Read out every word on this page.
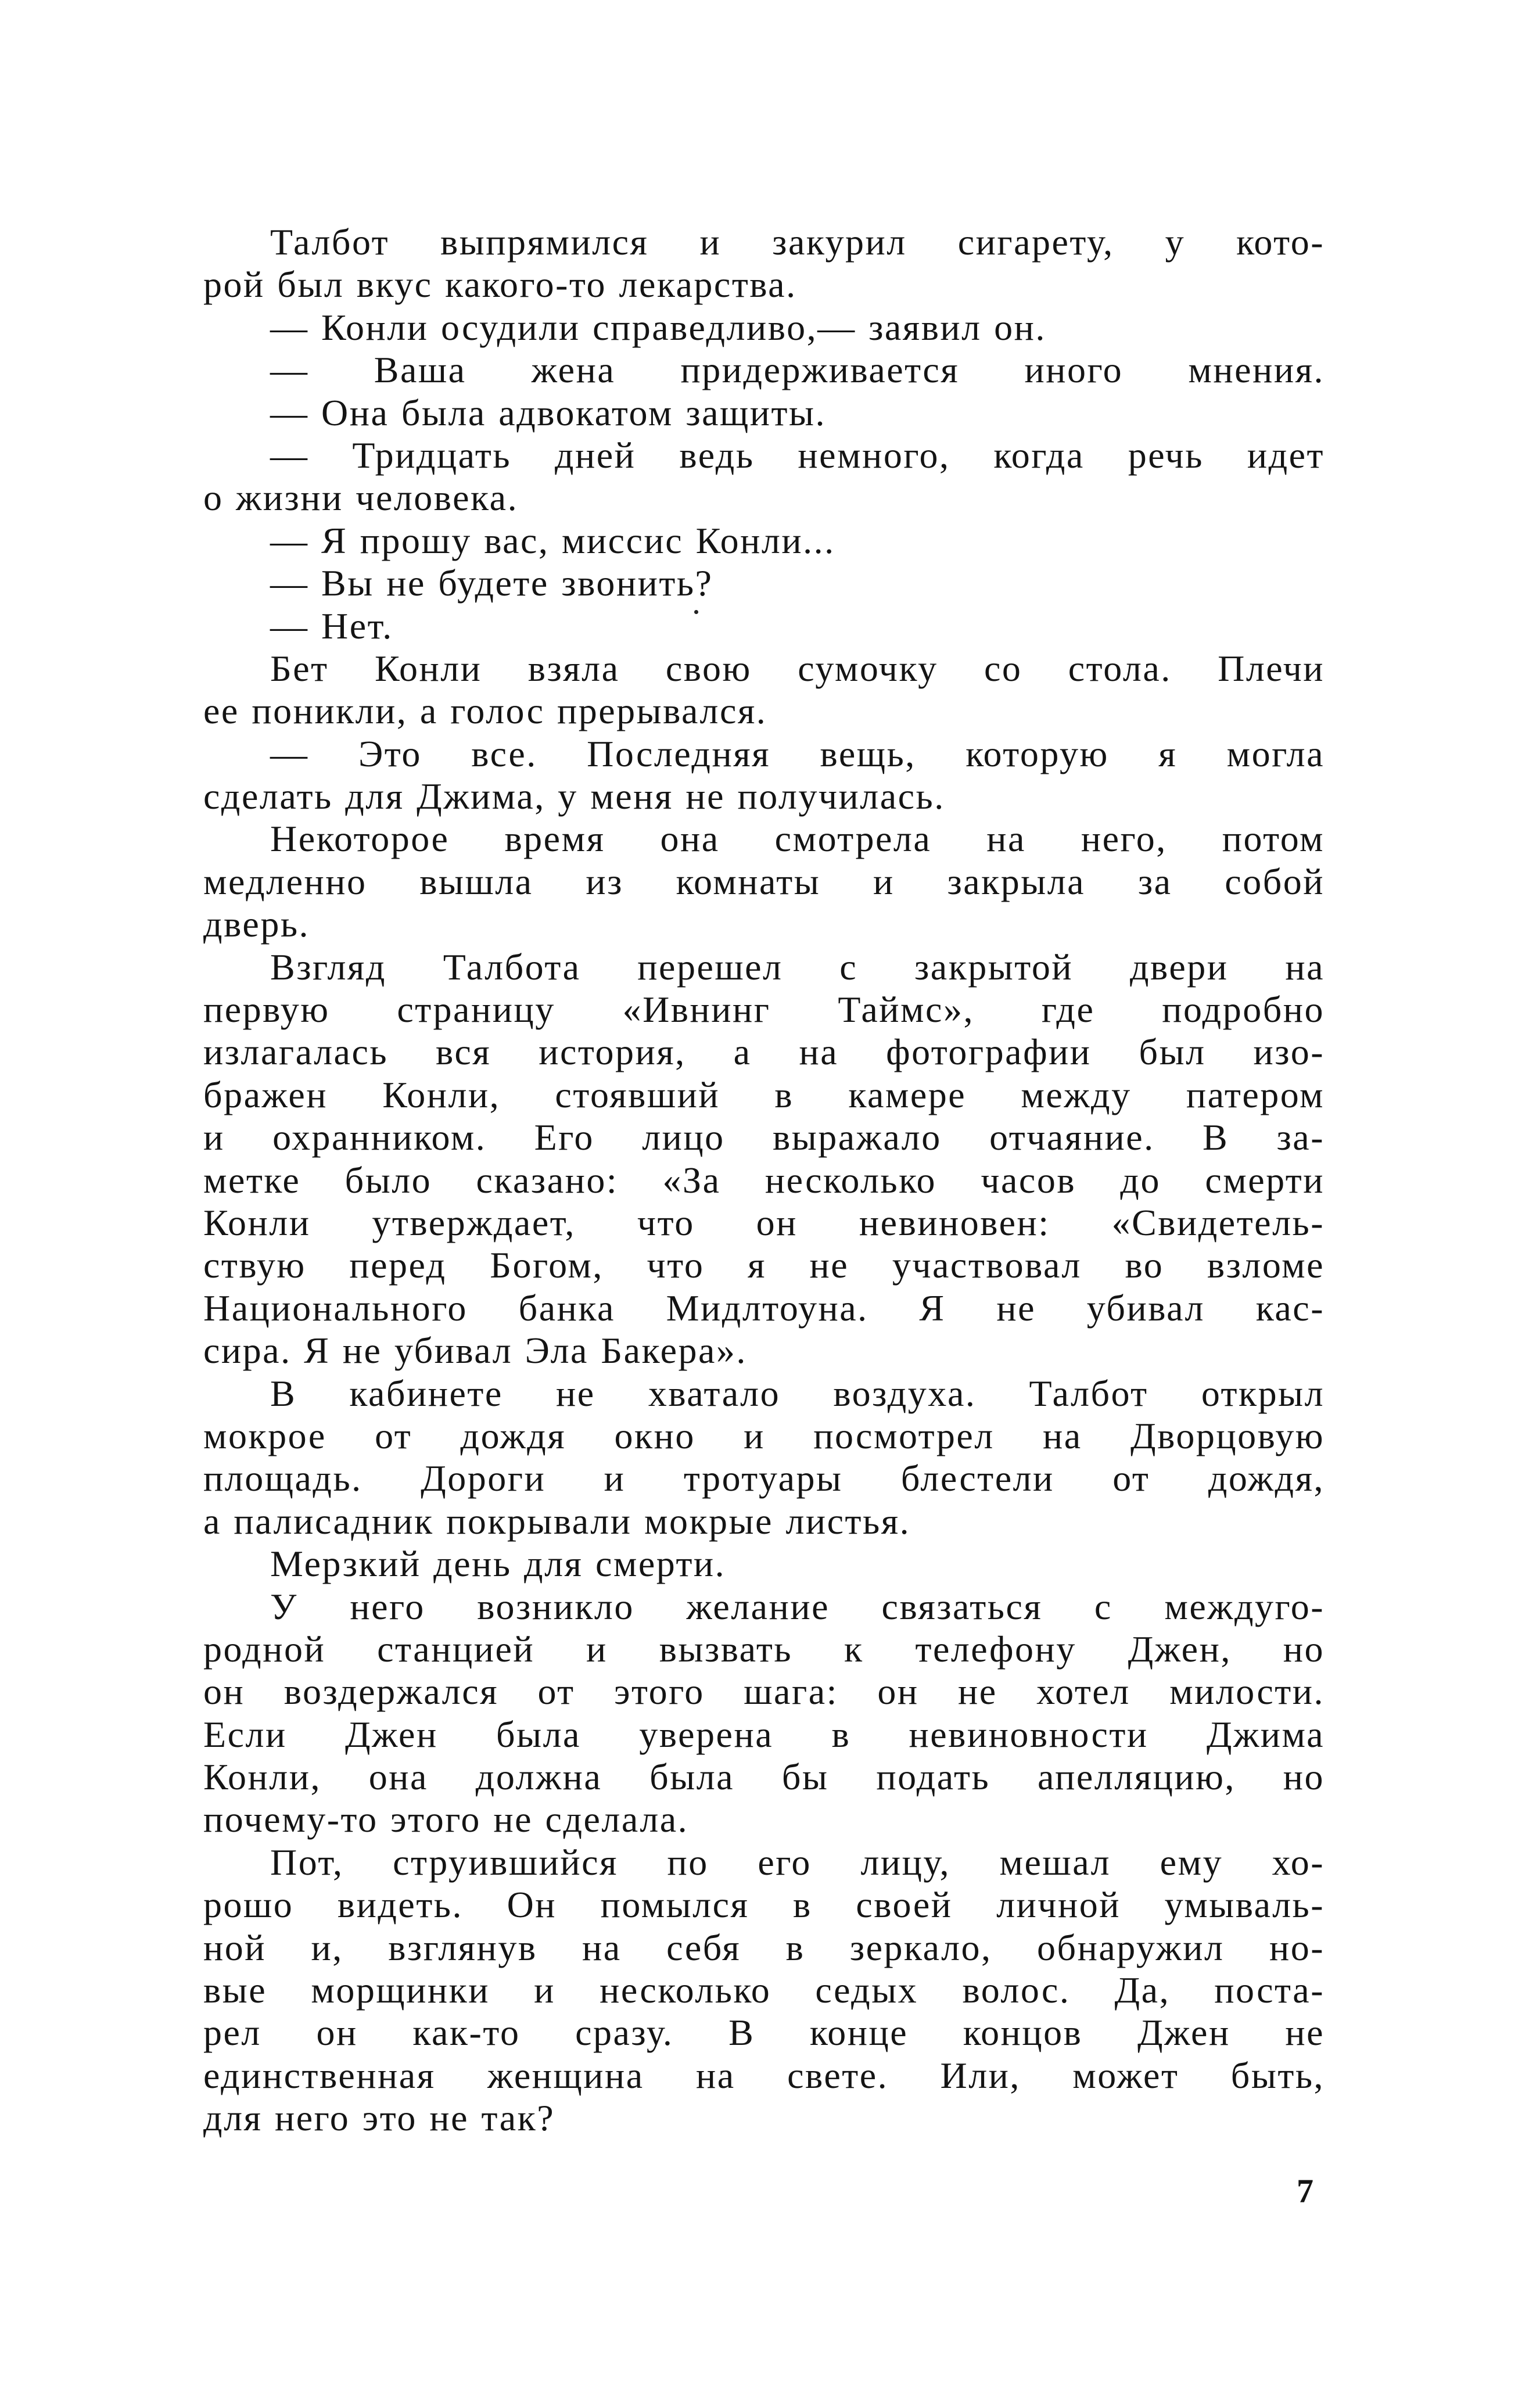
Талбот выпрямился и закурил сигарету, у кото-
рой был вкус какого-то лекарства.
— Конли осудили справедливо,— заявил он.
— Ваша жена придерживается иного мнения.
— Она была адвокатом защиты.
— Тридцать дней ведь немного, когда речь идет
о жизни человека.
— Я прошу вас, миссис Конли...
— Вы не будете звонить?
— Нет.
Бет Конли взяла свою сумочку со стола. Плечи
ее поникли, а голос прерывался.
— Это все. Последняя вещь, которую я могла
сделать для Джима, у меня не получилась.
Некоторое время она смотрела на него, потом
медленно вышла из комнаты и закрыла за собой
дверь.
Взгляд Талбота перешел с закрытой двери на
первую страницу «Ивнинг Таймс», где подробно
излагалась вся история, а на фотографии был изо-
бражен Конли, стоявший в камере между патером
и охранником. Его лицо выражало отчаяние. В за-
метке было сказано: «За несколько часов до смерти
Конли утверждает, что он невиновен: «Свидетель-
ствую перед Богом, что я не участвовал во взломе
Национального банка Мидлтоуна. Я не убивал кас-
сира. Я не убивал Эла Бакера».
В кабинете не хватало воздуха. Талбот открыл
мокрое от дождя окно и посмотрел на Дворцовую
площадь. Дороги и тротуары блестели от дождя,
а палисадник покрывали мокрые листья.
Мерзкий день для смерти.
У него возникло желание связаться с междуго-
родной станцией и вызвать к телефону Джен, но
он воздержался от этого шага: он не хотел милости.
Если Джен была уверена в невиновности Джима
Конли, она должна была бы подать апелляцию, но
почему-то этого не сделала.
Пот, струившийся по его лицу, мешал ему хо-
рошо видеть. Он помылся в своей личной умываль-
ной и, взглянув на себя в зеркало, обнаружил но-
вые морщинки и несколько седых волос. Да, поста-
рел он как-то сразу. В конце концов Джен не
единственная женщина на свете. Или, может быть,
для него это не так?
7
